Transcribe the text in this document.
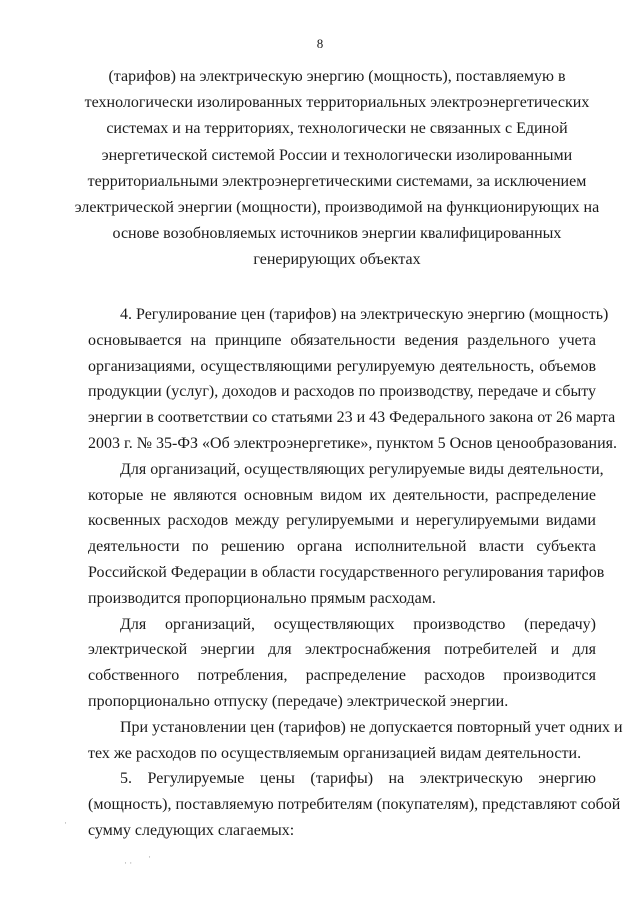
8
(тарифов) на электрическую энергию (мощность), поставляемую в
технологически изолированных территориальных электроэнергетических
системах и на территориях, технологически не связанных с Единой
энергетической системой России и технологически изолированными
территориальными электроэнергетическими системами, за исключением
электрической энергии (мощности), производимой на функционирующих на
основе возобновляемых источников энергии квалифицированных
генерирующих объектах
4. Регулирование цен (тарифов) на электрическую энергию (мощность)
основывается на принципе обязательности ведения раздельного учета
организациями, осуществляющими регулируемую деятельность, объемов
продукции (услуг), доходов и расходов по производству, передаче и сбыту
энергии в соответствии со статьями 23 и 43 Федерального закона от 26 марта
2003 г. № 35-ФЗ «Об электроэнергетике», пунктом 5 Основ ценообразования.
Для организаций, осуществляющих регулируемые виды деятельности,
которые не являются основным видом их деятельности, распределение
косвенных расходов между регулируемыми и нерегулируемыми видами
деятельности по решению органа исполнительной власти субъекта
Российской Федерации в области государственного регулирования тарифов
производится пропорционально прямым расходам.
Для организаций, осуществляющих производство (передачу)
электрической энергии для электроснабжения потребителей и для
собственного потребления, распределение расходов производится
пропорционально отпуску (передаче) электрической энергии.
При установлении цен (тарифов) не допускается повторный учет одних и
тех же расходов по осуществляемым организацией видам деятельности.
5. Регулируемые цены (тарифы) на электрическую энергию
(мощность), поставляемую потребителям (покупателям), представляют собой
сумму следующих слагаемых:
·
· ·
·
